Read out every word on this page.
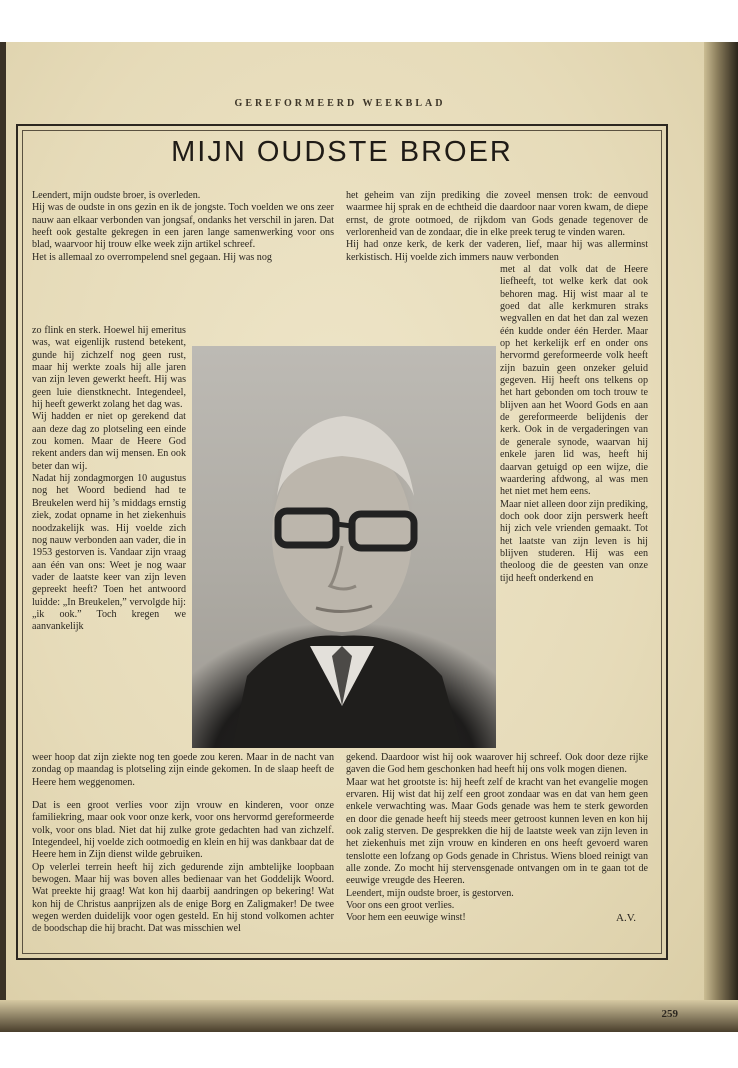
GEREFORMEERD WEEKBLAD
MIJN OUDSTE BROER

Leendert, mijn oudste broer, is overleden.

Hij was de oudste in ons gezin en ik de jongste. Toch voelden we ons zeer nauw aan elkaar verbonden van jongsaf, ondanks het verschil in jaren. Dat heeft ook gestalte gekregen in een jaren lange samenwerking voor ons blad, waarvoor hij trouw elke week zijn artikel schreef.

Het is allemaal zo overrompelend snel gegaan. Hij was nog

zo flink en sterk. Hoewel hij emeritus was, wat eigenlijk rustend betekent, gunde hij zichzelf nog geen rust, maar hij werkte zoals hij alle jaren van zijn leven gewerkt heeft. Hij was geen luie dienstknecht. Integendeel, hij heeft gewerkt zolang het dag was.

Wij hadden er niet op gerekend dat aan deze dag zo plotseling een einde zou komen. Maar de Heere God rekent anders dan wij mensen. En ook beter dan wij.

Nadat hij zondagmorgen 10 augustus nog het Woord bediend had te Breukelen werd hij ’s middags ernstig ziek, zodat opname in het ziekenhuis noodzakelijk was. Hij voelde zich nog nauw verbonden aan vader, die in 1953 gestorven is. Vandaar zijn vraag aan één van ons: Weet je nog waar vader de laatste keer van zijn leven gepreekt heeft? Toen het antwoord luidde: „In Breukelen,” vervolgde hij: „ik ook.” Toch kregen we aanvankelijk

weer hoop dat zijn ziekte nog ten goede zou keren. Maar in de nacht van zondag op maandag is plotseling zijn einde gekomen. In de slaap heeft de Heere hem weggenomen.

Dat is een groot verlies voor zijn vrouw en kinderen, voor onze familiekring, maar ook voor onze kerk, voor ons hervormd gereformeerde volk, voor ons blad. Niet dat hij zulke grote gedachten had van zichzelf. Integendeel, hij voelde zich ootmoedig en klein en hij was dankbaar dat de Heere hem in Zijn dienst wilde gebruiken.

Op velerlei terrein heeft hij zich gedurende zijn ambtelijke loopbaan bewogen. Maar hij was boven alles bedienaar van het Goddelijk Woord. Wat preekte hij graag! Wat kon hij daarbij aandringen op bekering! Wat kon hij de Christus aanprijzen als de enige Borg en Zaligmaker! De twee wegen werden duidelijk voor ogen gesteld. En hij stond volkomen achter de boodschap die hij bracht. Dat was misschien wel

het geheim van zijn prediking die zoveel mensen trok: de eenvoud waarmee hij sprak en de echtheid die daardoor naar voren kwam, de diepe ernst, de grote ootmoed, de rijkdom van Gods genade tegenover de verlorenheid van de zondaar, die in elke preek terug te vinden waren.

Hij had onze kerk, de kerk der vaderen, lief, maar hij was allerminst kerkistisch. Hij voelde zich immers nauw verbonden

met al dat volk dat de Heere liefheeft, tot welke kerk dat ook behoren mag. Hij wist maar al te goed dat alle kerkmuren straks wegvallen en dat het dan zal wezen één kudde onder één Herder. Maar op het kerkelijk erf en onder ons hervormd gereformeerde volk heeft zijn bazuin geen onzeker geluid gegeven. Hij heeft ons telkens op het hart gebonden om toch trouw te blijven aan het Woord Gods en aan de gereformeerde belijdenis der kerk. Ook in de vergaderingen van de generale synode, waarvan hij enkele jaren lid was, heeft hij daarvan getuigd op een wijze, die waardering afdwong, al was men het niet met hem eens.

Maar niet alleen door zijn prediking, doch ook door zijn perswerk heeft hij zich vele vrienden gemaakt. Tot het laatste van zijn leven is hij blijven studeren. Hij was een theoloog die de geesten van onze tijd heeft onderkend en

gekend. Daardoor wist hij ook waarover hij schreef. Ook door deze rijke gaven die God hem geschonken had heeft hij ons volk mogen dienen.

Maar wat het grootste is: hij heeft zelf de kracht van het evangelie mogen ervaren. Hij wist dat hij zelf een groot zondaar was en dat van hem geen enkele verwachting was. Maar Gods genade was hem te sterk geworden en door die genade heeft hij steeds meer getroost kunnen leven en kon hij ook zalig sterven. De gesprekken die hij de laatste week van zijn leven in het ziekenhuis met zijn vrouw en kinderen en ons heeft gevoerd waren tenslotte een lofzang op Gods genade in Christus. Wiens bloed reinigt van alle zonde. Zo mocht hij stervensgenade ontvangen om in te gaan tot de eeuwige vreugde des Heeren.

Leendert, mijn oudste broer, is gestorven.

Voor ons een groot verlies.

Voor hem een eeuwige winst!	A.V.
259
